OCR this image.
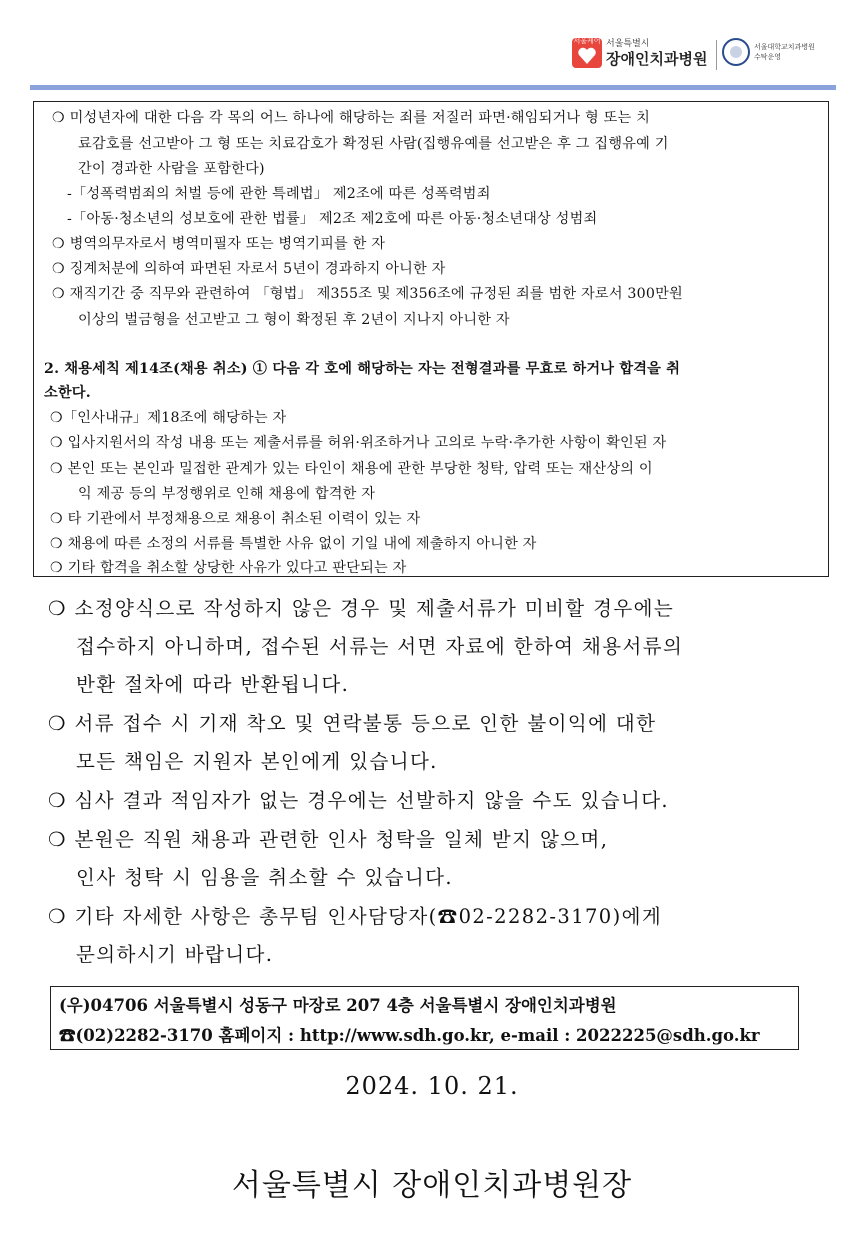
서울케어 서울특별시
장애인치과병원
서울대학교치과병원
수탁운영
❍ 미성년자에 대한 다음 각 목의 어느 하나에 해당하는 죄를 저질러 파면·해임되거나 형 또는 치
료감호를 선고받아 그 형 또는 치료감호가 확정된 사람(집행유예를 선고받은 후 그 집행유예 기
간이 경과한 사람을 포함한다)
-「성폭력범죄의 처벌 등에 관한 특례법」 제2조에 따른 성폭력범죄
-「아동·청소년의 성보호에 관한 법률」 제2조 제2호에 따른 아동·청소년대상 성범죄
❍ 병역의무자로서 병역미필자 또는 병역기피를 한 자
❍ 징계처분에 의하여 파면된 자로서 5년이 경과하지 아니한 자
❍ 재직기간 중 직무와 관련하여 「형법」 제355조 및 제356조에 규정된 죄를 범한 자로서 300만원
이상의 벌금형을 선고받고 그 형이 확정된 후 2년이 지나지 아니한 자
2. 채용세칙 제14조(채용 취소) ① 다음 각 호에 해당하는 자는 전형결과를 무효로 하거나 합격을 취
소한다.
❍「인사내규」제18조에 해당하는 자
❍ 입사지원서의 작성 내용 또는 제출서류를 허위·위조하거나 고의로 누락·추가한 사항이 확인된 자
❍ 본인 또는 본인과 밀접한 관계가 있는 타인이 채용에 관한 부당한 청탁, 압력 또는 재산상의 이
익 제공 등의 부정행위로 인해 채용에 합격한 자
❍ 타 기관에서 부정채용으로 채용이 취소된 이력이 있는 자
❍ 채용에 따른 소정의 서류를 특별한 사유 없이 기일 내에 제출하지 아니한 자
❍ 기타 합격을 취소할 상당한 사유가 있다고 판단되는 자
❍ 소정양식으로 작성하지 않은 경우 및 제출서류가 미비할 경우에는
접수하지 아니하며, 접수된 서류는 서면 자료에 한하여 채용서류의
반환 절차에 따라 반환됩니다.
❍ 서류 접수 시 기재 착오 및 연락불통 등으로 인한 불이익에 대한
모든 책임은 지원자 본인에게 있습니다.
❍ 심사 결과 적임자가 없는 경우에는 선발하지 않을 수도 있습니다.
❍ 본원은 직원 채용과 관련한 인사 청탁을 일체 받지 않으며,
인사 청탁 시 임용을 취소할 수 있습니다.
❍ 기타 자세한 사항은 총무팀 인사담당자(☎02-2282-3170)에게
문의하시기 바랍니다.
(우)04706 서울특별시 성동구 마장로 207 4층 서울특별시 장애인치과병원
☎(02)2282-3170 홈페이지 : http://www.sdh.go.kr, e-mail : 2022225@sdh.go.kr
2024. 10. 21.
서울특별시 장애인치과병원장
